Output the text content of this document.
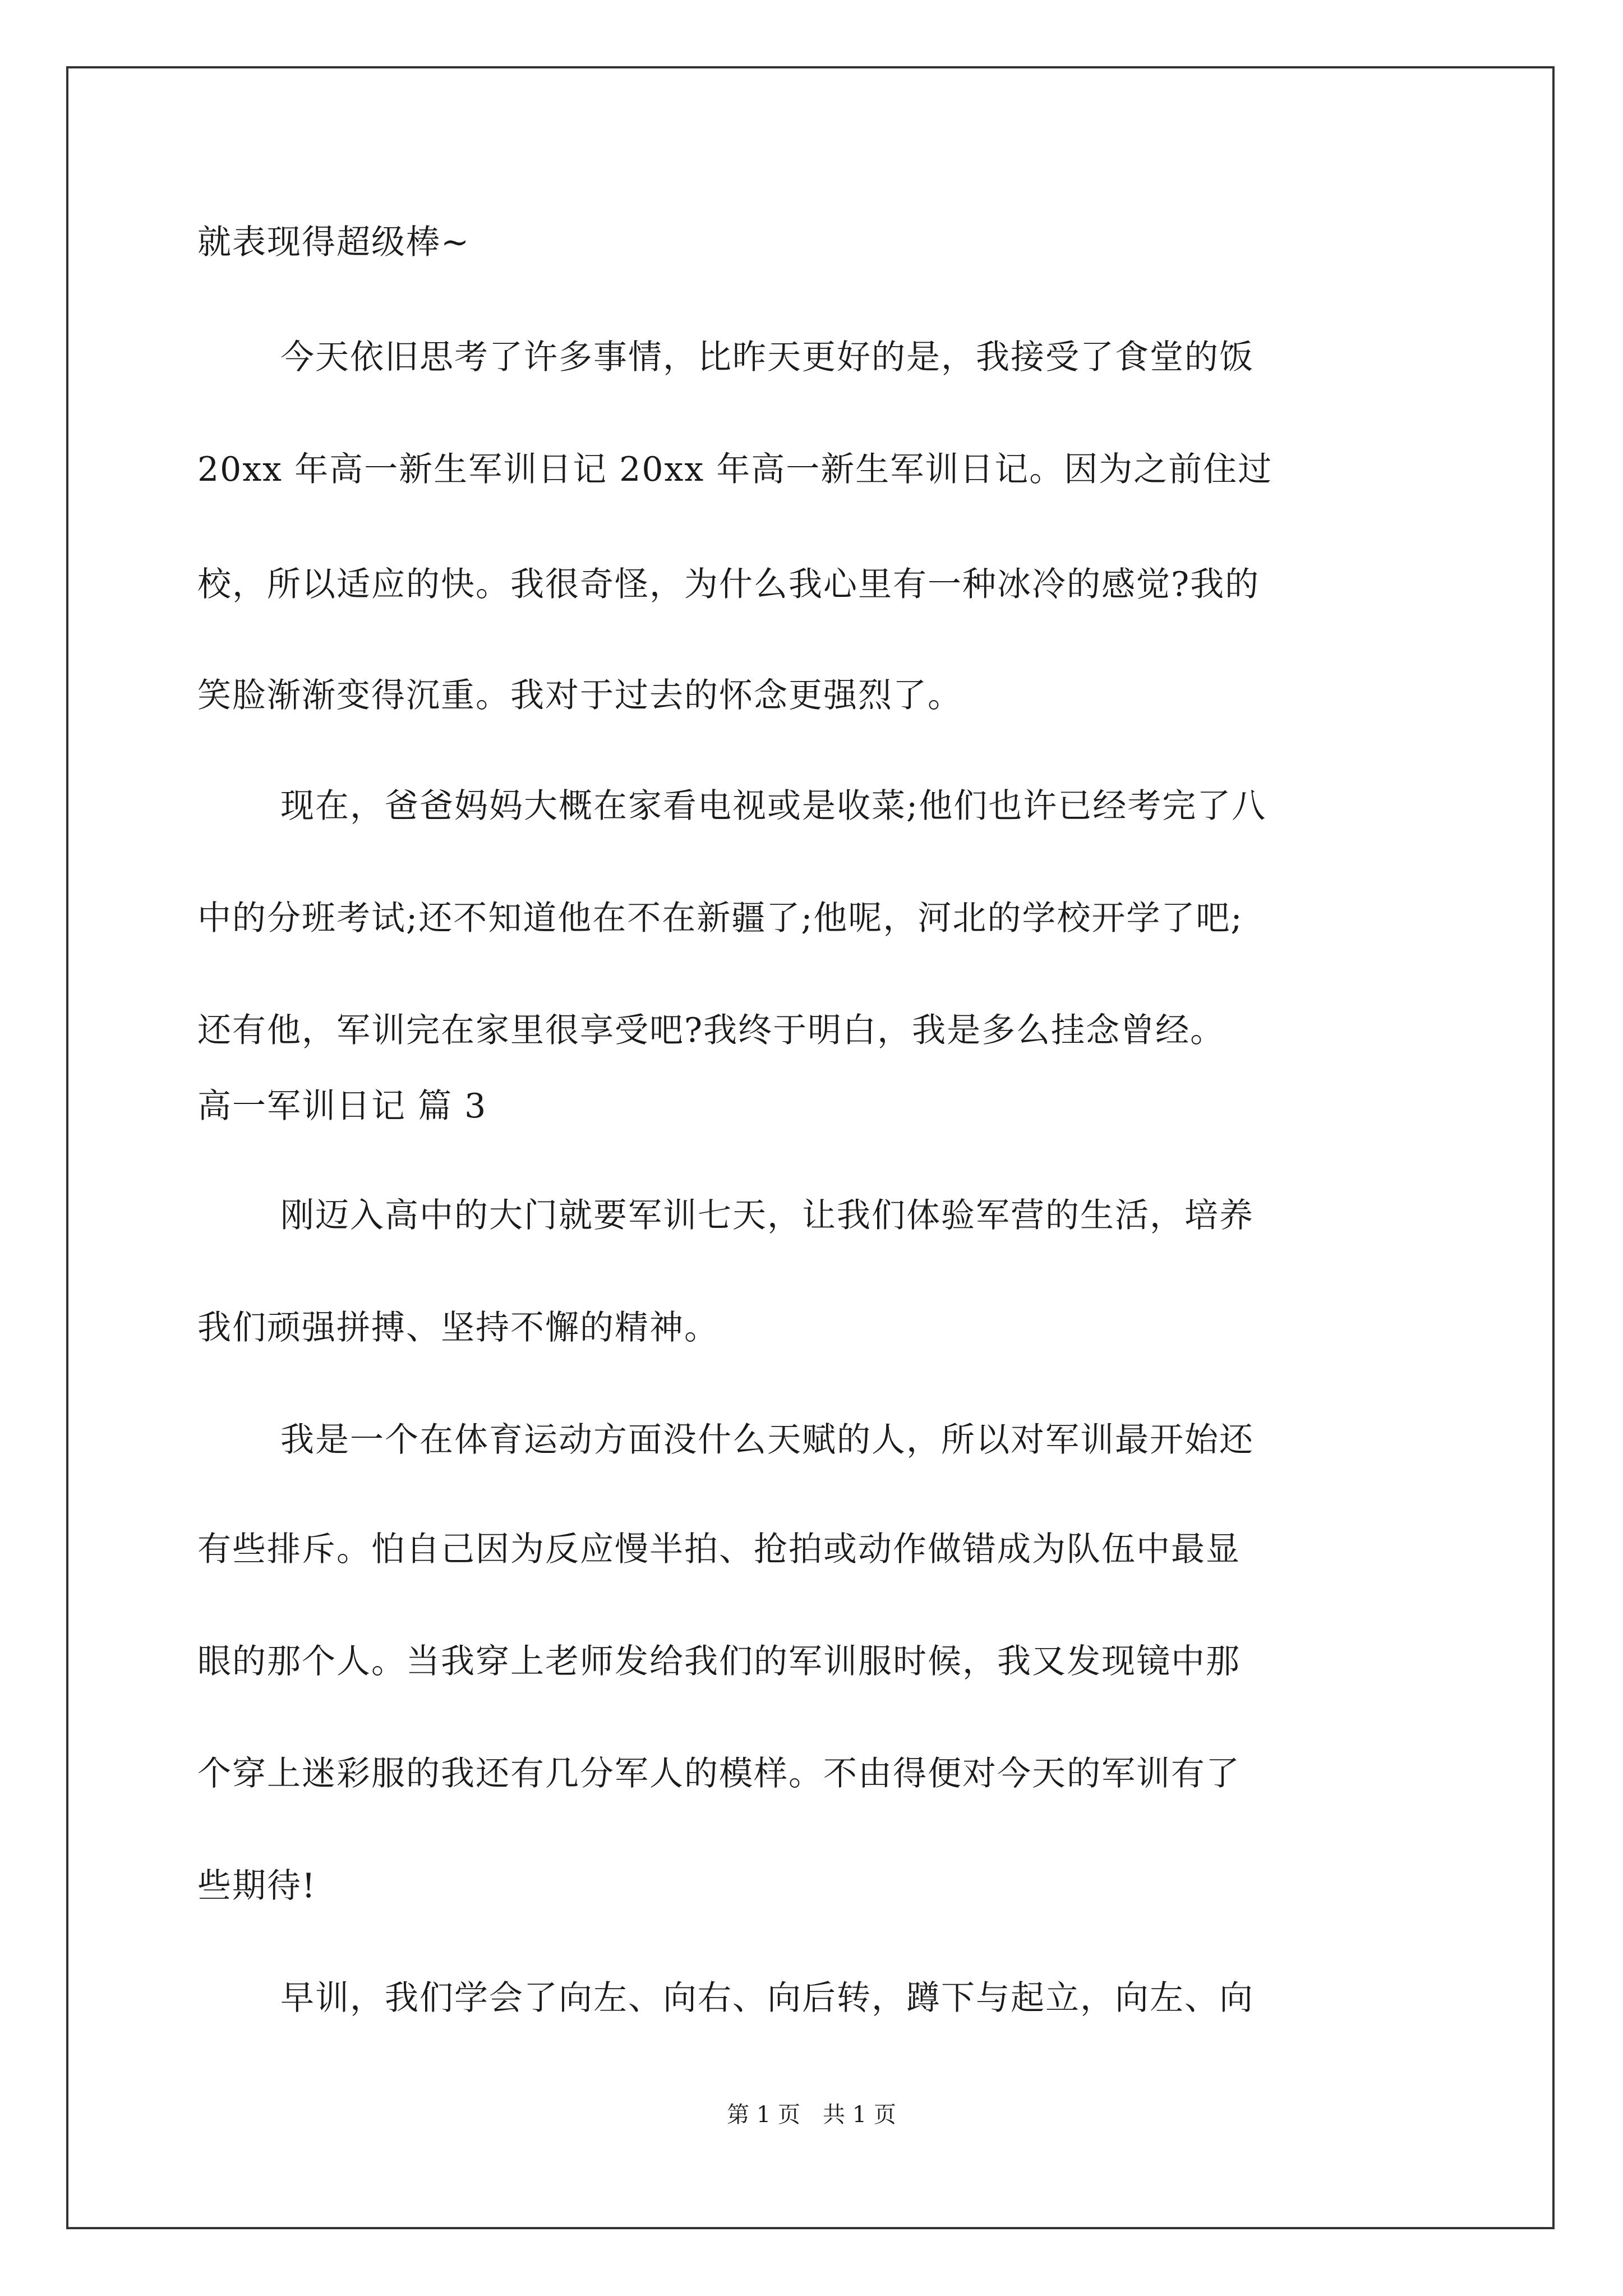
就表现得超级棒~
今天依旧思考了许多事情，比昨天更好的是，我接受了食堂的饭
20xx 年高一新生军训日记 20xx 年高一新生军训日记。因为之前住过
校，所以适应的快。我很奇怪，为什么我心里有一种冰冷的感觉?我的
笑脸渐渐变得沉重。我对于过去的怀念更强烈了。
现在，爸爸妈妈大概在家看电视或是收菜;他们也许已经考完了八
中的分班考试;还不知道他在不在新疆了;他呢，河北的学校开学了吧;
还有他，军训完在家里很享受吧?我终于明白，我是多么挂念曾经。
高一军训日记 篇 3
刚迈入高中的大门就要军训七天，让我们体验军营的生活，培养
我们顽强拼搏、坚持不懈的精神。
我是一个在体育运动方面没什么天赋的人，所以对军训最开始还
有些排斥。怕自己因为反应慢半拍、抢拍或动作做错成为队伍中最显
眼的那个人。当我穿上老师发给我们的军训服时候，我又发现镜中那
个穿上迷彩服的我还有几分军人的模样。不由得便对今天的军训有了
些期待!
早训，我们学会了向左、向右、向后转，蹲下与起立，向左、向
第 1 页　共 1 页
